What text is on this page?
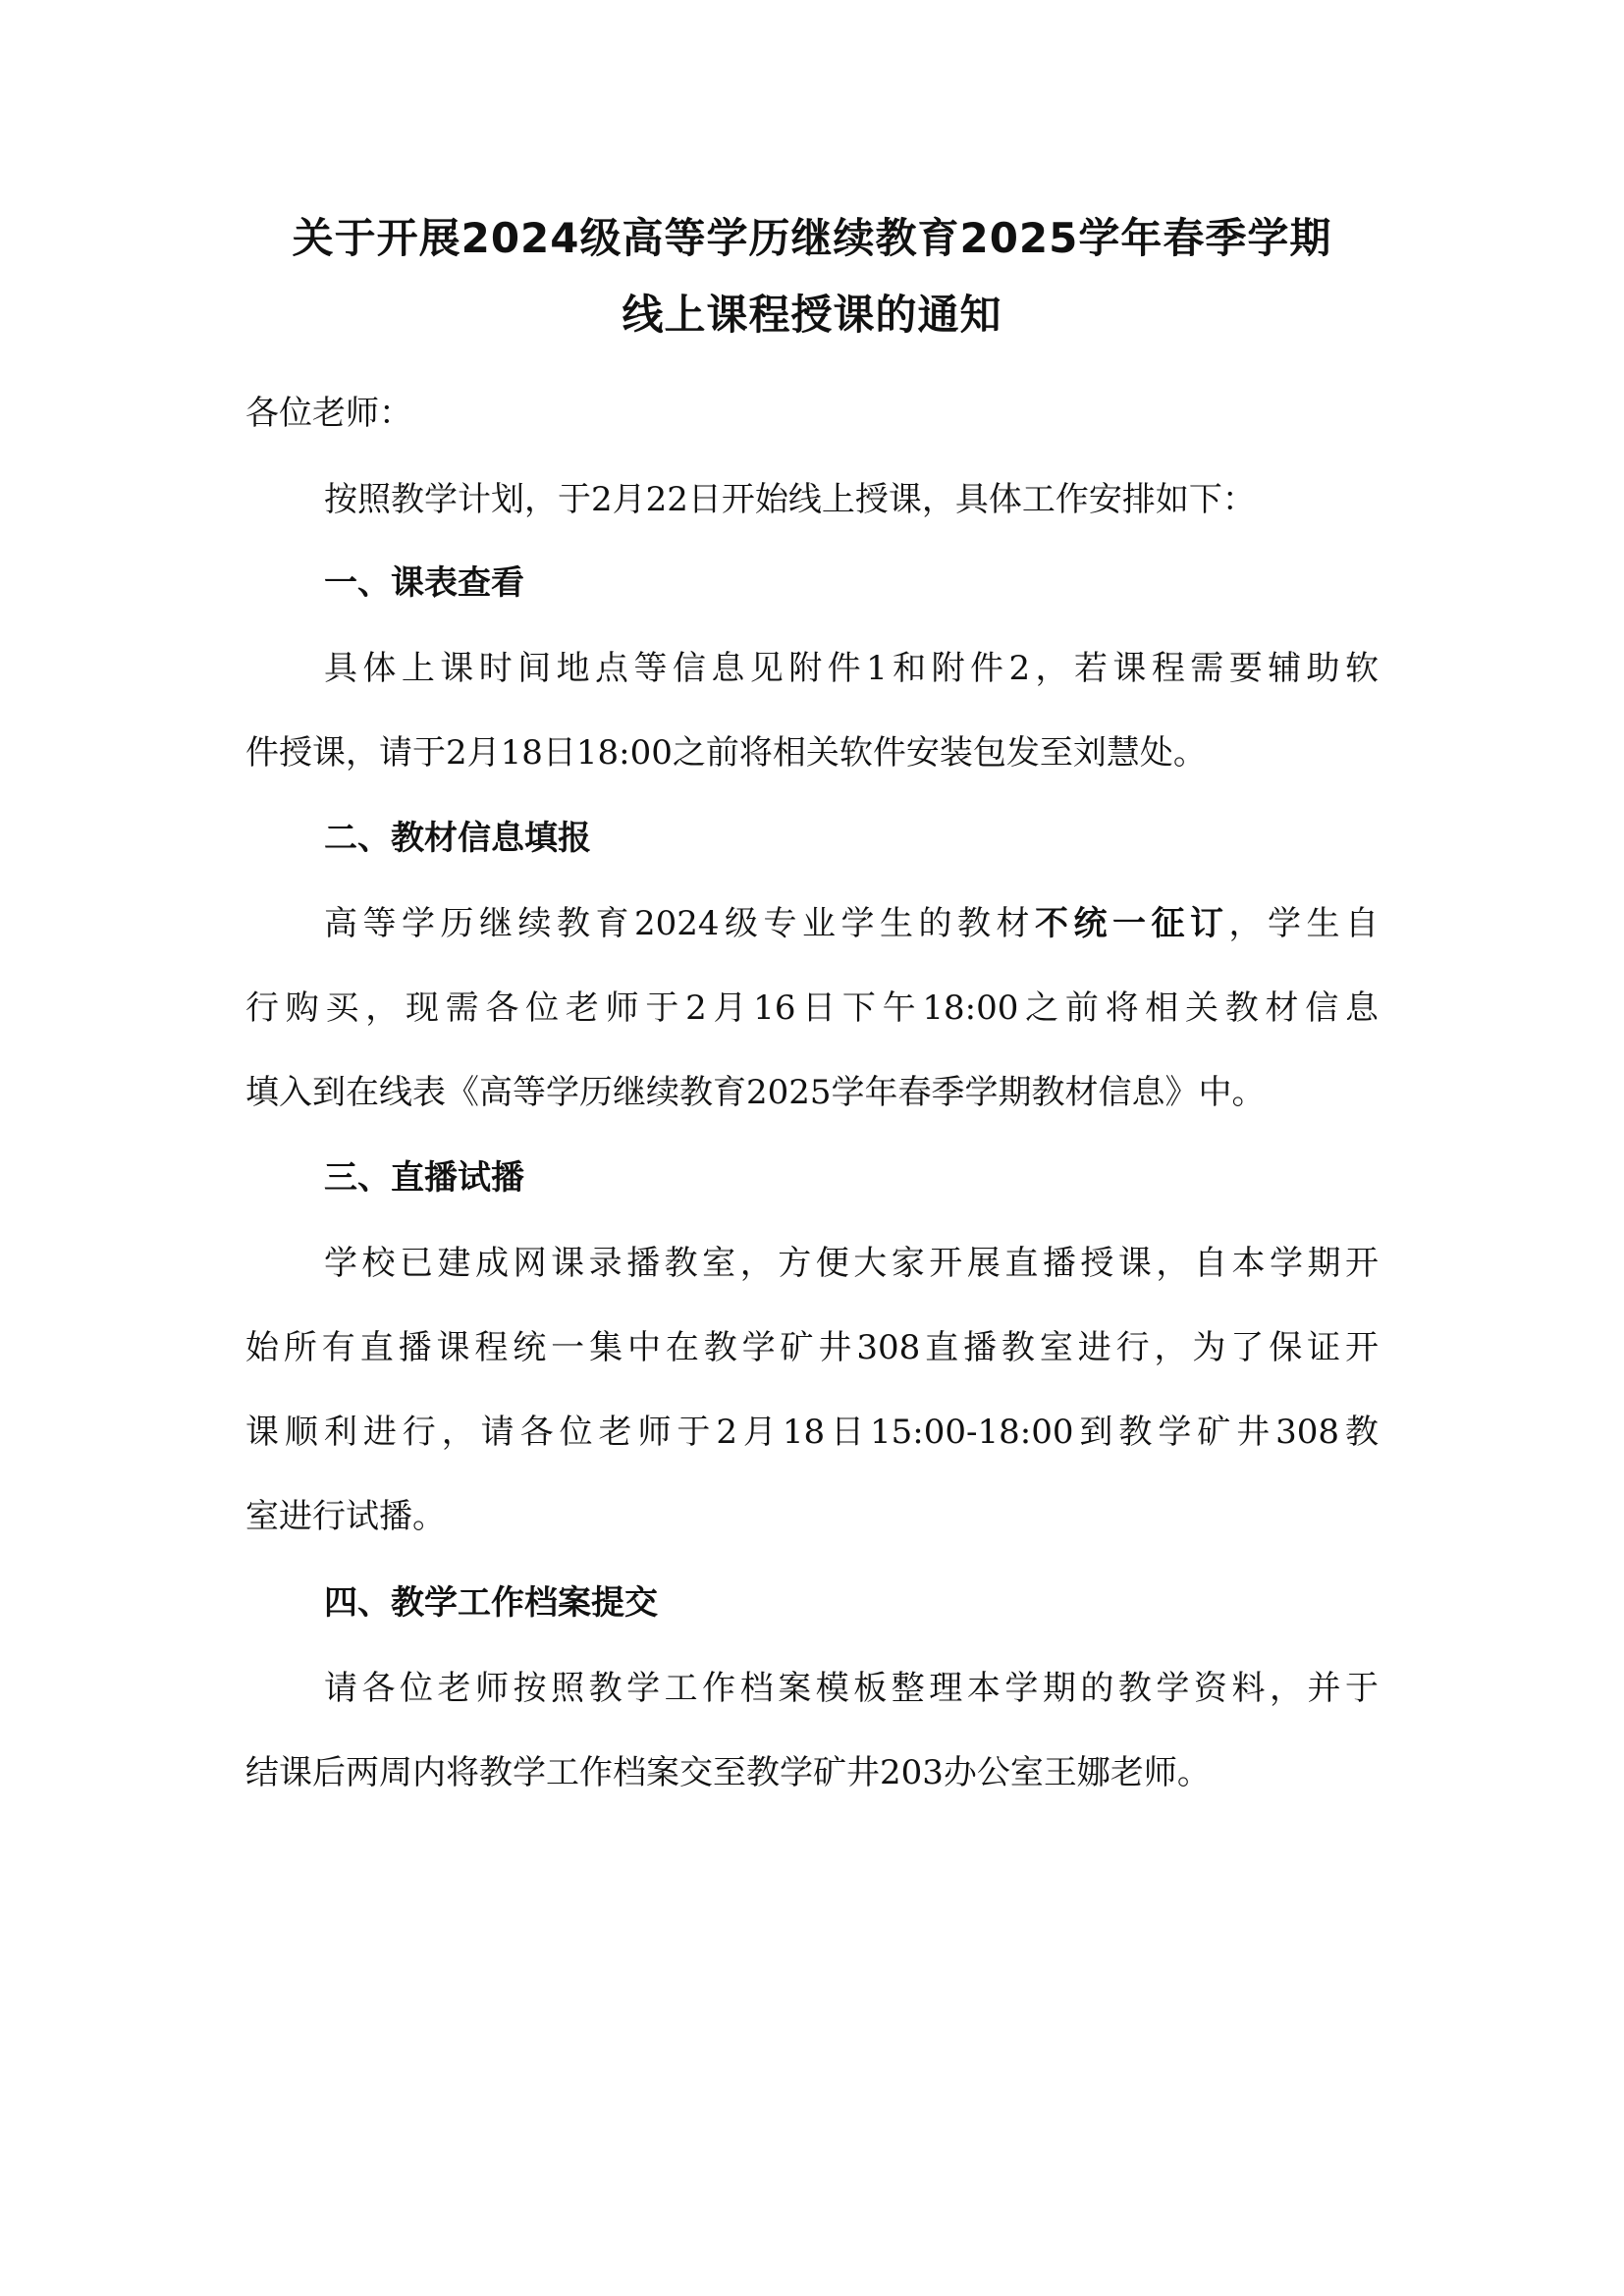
关于开展2024级高等学历继续教育2025学年春季学期
线上课程授课的通知
各位老师：
按照教学计划，于2月22日开始线上授课，具体工作安排如下：
一、课表查看
具体上课时间地点等信息见附件1和附件2，若课程需要辅助软
件授课，请于2月18日18:00之前将相关软件安装包发至刘慧处。
二、教材信息填报
高等学历继续教育2024级专业学生的教材不统一征订，学生自
行购买，现需各位老师于2月16日下午18:00之前将相关教材信息
填入到在线表《高等学历继续教育2025学年春季学期教材信息》中。
三、直播试播
学校已建成网课录播教室，方便大家开展直播授课，自本学期开
始所有直播课程统一集中在教学矿井308直播教室进行，为了保证开
课顺利进行，请各位老师于2月18日15:00-18:00到教学矿井308教
室进行试播。
四、教学工作档案提交
请各位老师按照教学工作档案模板整理本学期的教学资料，并于
结课后两周内将教学工作档案交至教学矿井203办公室王娜老师。
